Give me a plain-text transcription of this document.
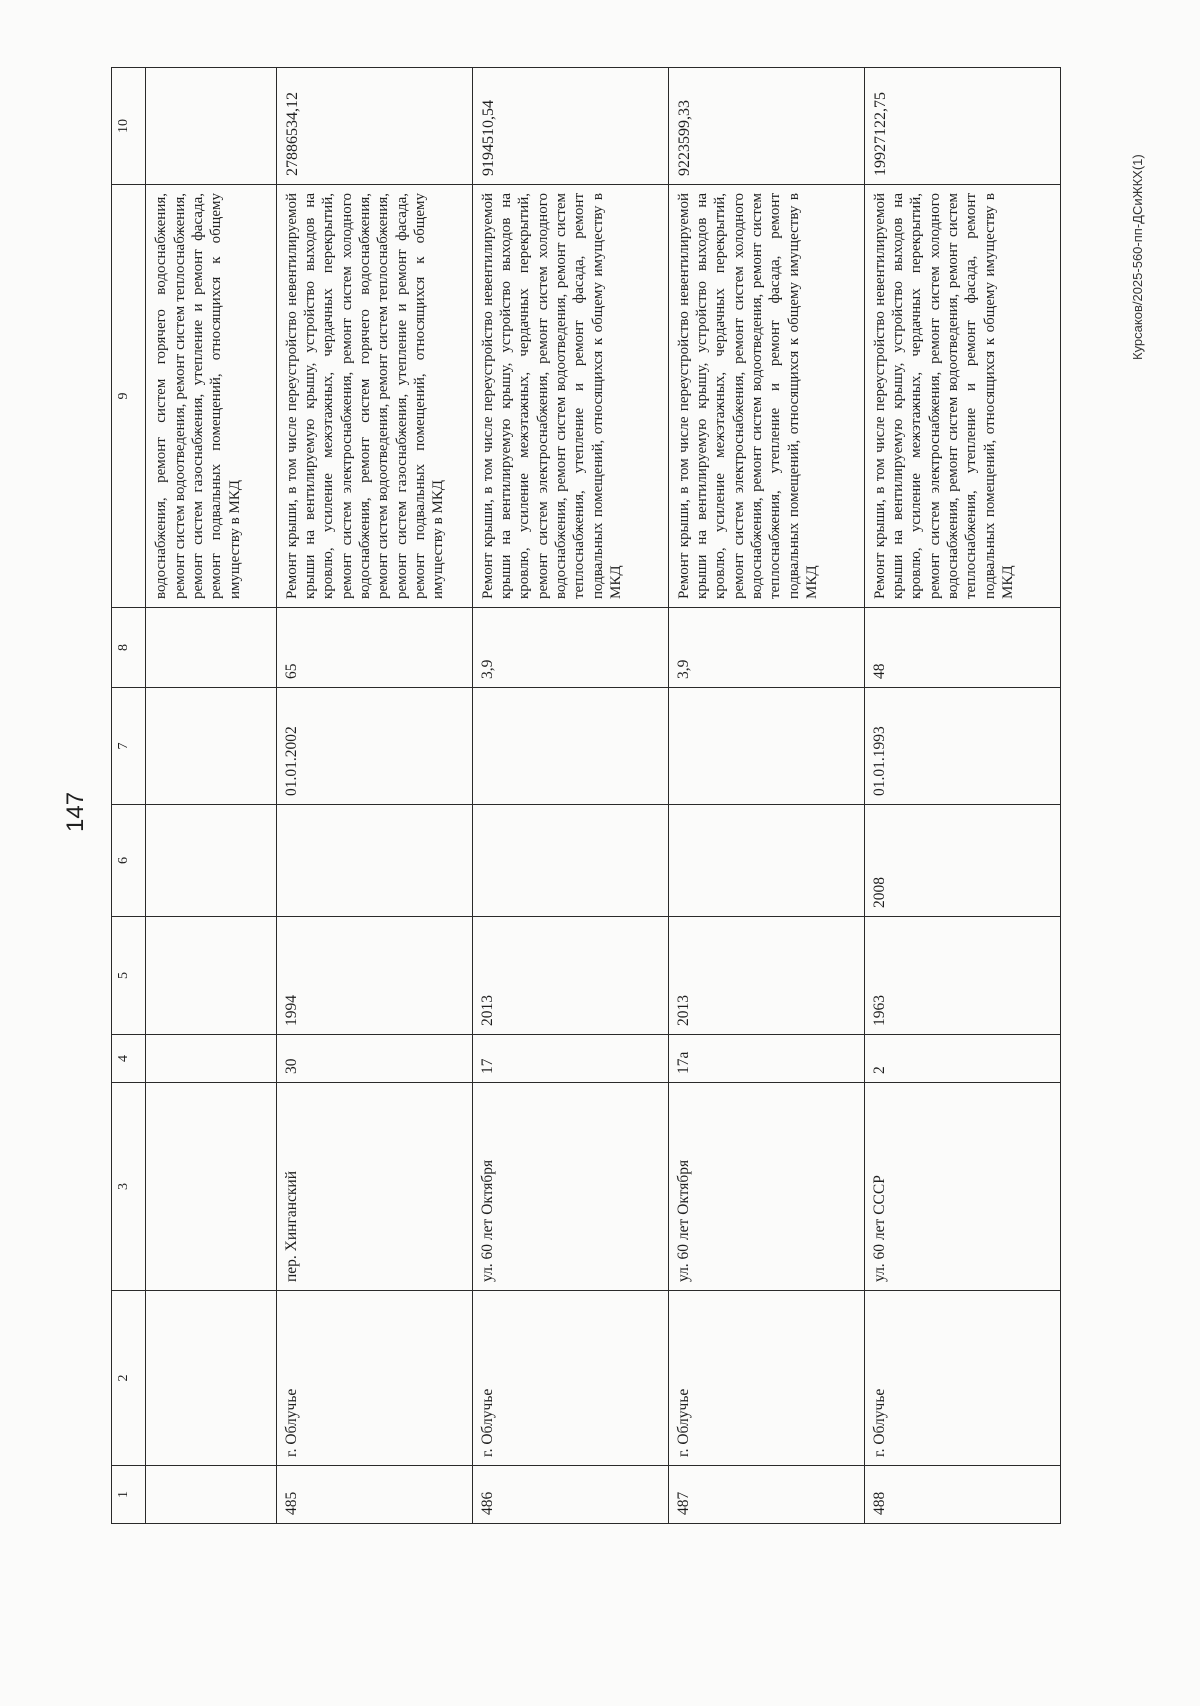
147
Курсаков/2025-560-пп-ДСиЖКХ(1)
1	2	3	4	5	6	7	8	9	10
								водоснабжения, ремонт систем горячего водоснабжения, ремонт систем водоотведения, ремонт систем теплоснабжения, ремонт систем газоснабжения, утепление и ремонт фасада, ремонт подвальных помещений, относящихся к общему имуществу в МКД	
485	г. Облучье	пер. Хинганский	30	1994		01.01.2002	65	Ремонт крыши, в том числе переустройство невентилируемой крыши на вентилируемую крышу, устройство выходов на кровлю, усиление межэтажных, чердачных перекрытий, ремонт систем электроснабжения, ремонт систем холодного водоснабжения, ремонт систем горячего водоснабжения, ремонт систем водоотведения, ремонт систем теплоснабжения, ремонт систем газоснабжения, утепление и ремонт фасада, ремонт подвальных помещений, относящихся к общему имуществу в МКД	27886534,12
486	г. Облучье	ул. 60 лет Октября	17	2013			3,9	Ремонт крыши, в том числе переустройство невентилируемой крыши на вентилируемую крышу, устройство выходов на кровлю, усиление межэтажных, чердачных перекрытий, ремонт систем электроснабжения, ремонт систем холодного водоснабжения, ремонт систем водоотведения, ремонт систем теплоснабжения, утепление и ремонт фасада, ремонт подвальных помещений, относящихся к общему имуществу в МКД	9194510,54
487	г. Облучье	ул. 60 лет Октября	17а	2013			3,9	Ремонт крыши, в том числе переустройство невентилируемой крыши на вентилируемую крышу, устройство выходов на кровлю, усиление межэтажных, чердачных перекрытий, ремонт систем электроснабжения, ремонт систем холодного водоснабжения, ремонт систем водоотведения, ремонт систем теплоснабжения, утепление и ремонт фасада, ремонт подвальных помещений, относящихся к общему имуществу в МКД	9223599,33
488	г. Облучье	ул. 60 лет СССР	2	1963	2008	01.01.1993	48	Ремонт крыши, в том числе переустройство невентилируемой крыши на вентилируемую крышу, устройство выходов на кровлю, усиление межэтажных, чердачных перекрытий, ремонт систем электроснабжения, ремонт систем холодного водоснабжения, ремонт систем водоотведения, ремонт систем теплоснабжения, утепление и ремонт фасада, ремонт подвальных помещений, относящихся к общему имуществу в МКД	19927122,75
